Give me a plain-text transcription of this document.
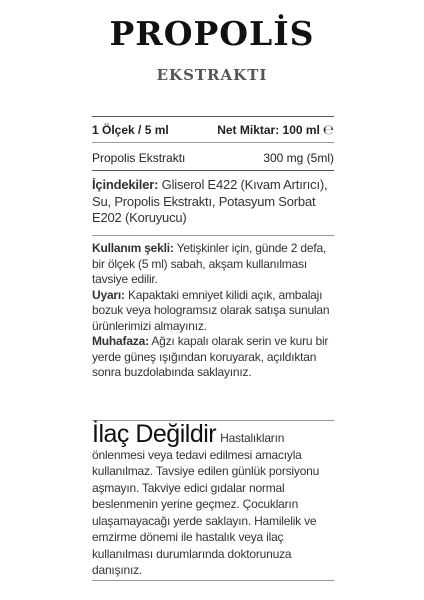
PROPOLİS
EKSTRAKTI
1 Ölçek / 5 ml	Net Miktar: 100 ml ℮
Propolis Ekstraktı	300 mg (5ml)
İçindekiler: Gliserol E422 (Kıvam Artırıcı), Su, Propolis Ekstraktı, Potasyum Sorbat E202 (Koruyucu)
Kullanım şekli: Yetişkinler için, günde 2 defa, bir ölçek (5 ml) sabah, akşam kullanılması tavsiye edilir.
Uyarı: Kapaktaki emniyet kilidi açık, ambalajı bozuk veya hologramsız olarak satışa sunulan ürünlerimizi almayınız.
Muhafaza: Ağzı kapalı olarak serin ve kuru bir yerde güneş ışığından koruyarak, açıldıktan sonra buzdolabında saklayınız.
İlaç Değildir Hastalıkların önlenmesi veya tedavi edilmesi amacıyla kullanılmaz. Tavsiye edilen günlük porsiyonu aşmayın. Takviye edici gıdalar normal beslenmenin yerine geçmez. Çocukların ulaşamayacağı yerde saklayın. Hamilelik ve emzirme dönemi ile hastalık veya ilaç kullanılması durumlarında doktorunuza danışınız.
